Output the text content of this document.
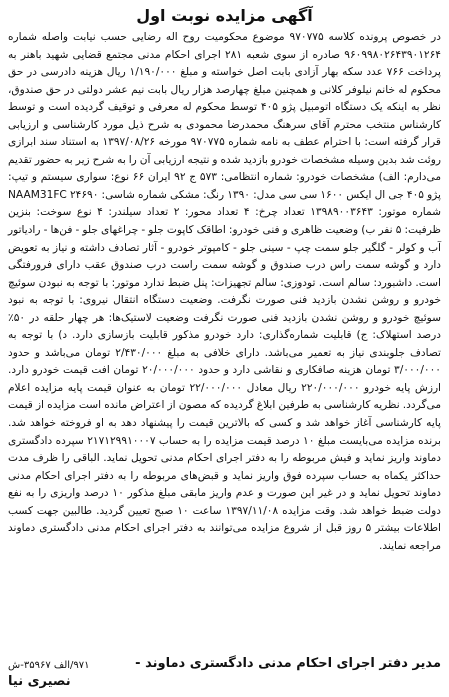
آگهی مزایده نوبت اول

در خصوص پرونده کلاسه ۹۷۰۷۷۵ موضوع محکومیت روح اله رضایی حسب نیابت واصله شماره ۹۶۰۹۹۸۰۲۶۴۳۹۰۱۲۶۴ صادره از سوی شعبه ۲۸۱ اجرای احکام مدنی مجتمع قضایی شهید باهنر به پرداخت ۷۶۶ عدد سکه بهار آزادی بابت اصل خواسته و مبلغ ۱/۱۹۰/۰۰۰ ریال هزینه دادرسی در حق محکوم له خانم نیلوفر کلانی و همچنین مبلغ چهارصد هزار ریال بابت نیم عشر دولتی در حق صندوق، نظر به اینکه یک دستگاه اتومبیل پژو ۴۰۵ توسط محکوم له معرفی و توقیف گردیده است و توسط کارشناس منتخب محترم آقای سرهنگ محمدرضا محمودی به شرح ذیل مورد کارشناسی و ارزیابی قرار گرفته است: با احترام عطف به نامه شماره ۹۷۰۷۷۵ مورخه ۱۳۹۷/۰۸/۲۶ به استناد سند ابرازی روئت شد بدین وسیله مشخصات خودرو بازدید شده و نتیجه ارزیابی آن را به شرح زیر به حضور تقدیم می‌دارم: الف) مشخصات خودرو: شماره انتظامی: ۵۷۳ ج ۹۲ ایران ۶۶ نوع: سواری سیستم و تیپ: پژو ۴۰۵ جی ال ایکس ۱۶۰۰ سی سی مدل: ۱۳۹۰ رنگ: مشکی شماره شاسی: NAAM31FC ۲۴۶۹۰ شماره موتور: ۱۳۹۸۹۰۰۳۶۴۳ تعداد چرخ: ۴ تعداد محور: ۲ تعداد سیلندر: ۴ نوع سوخت: بنزین ظرفیت: ۵ نفر ب) وضعیت ظاهری و فنی خودرو: اطاقک کاپوت جلو - چراغهای جلو - فن‌ها - رادیاتور آب و کولر - گلگیر جلو سمت چپ - سینی جلو - کامپوتر خودرو - آثار تصادف داشته و نیاز به تعویض دارد و گوشه سمت راس درب صندوق و گوشه سمت راست درب صندوق عقب دارای فرورفتگی است. داشبورد: سالم است. تودوزی: سالم تجهیزات: پنل ضبط ندارد موتور: با توجه به نبودن سوئیچ خودرو و روشن نشدن بازدید فنی صورت نگرفت. وضعیت دستگاه انتقال نیروی: با توجه به نبود سوئیچ خودرو و روشن نشدن بازدید فنی صورت نگرفت وضعیت لاستیک‌ها: هر چهار حلقه در ۵۰٪ درصد استهلاک: ج) قابلیت شماره‌گذاری: دارد خودرو مذکور قابلیت بازسازی دارد. د) با توجه به تصادف جلوبندی نیاز به تعمیر می‌باشد. دارای خلافی به مبلغ ۲/۴۳۰/۰۰۰ تومان می‌باشد و حدود ۳/۰۰۰/۰۰۰ تومان هزینه صافکاری و نقاشی دارد و حدود ۲۰/۰۰۰/۰۰۰ تومان افت قیمت خودرو دارد. ارزش پایه خودرو ۲۲۰/۰۰۰/۰۰۰ ریال معادل ۲۲/۰۰۰/۰۰۰ تومان به عنوان قیمت پایه مزایده اعلام می‌گردد. نظریه کارشناسی به طرفین ابلاغ گردیده که مصون از اعتراض مانده است مزایده از قیمت پایه کارشناسی آغاز خواهد شد و کسی که بالاترین قیمت را پیشنهاد دهد به او فروخته خواهد شد. برنده مزایده می‌بایست مبلغ ۱۰ درصد قیمت مزایده را به حساب ۲۱۷۱۲۹۹۱۰۰۰۷ سپرده دادگستری دماوند واریز نماید و فیش مربوطه را به دفتر اجرای احکام مدنی تحویل نماید. الباقی را ظرف مدت حداکثر یکماه به حساب سپرده فوق واریز نماید و قبض‌های مربوطه را به دفتر اجرای احکام مدنی دماوند تحویل نماید و در غیر این صورت و عدم واریز مابقی مبلغ مذکور ۱۰ درصد واریزی را به نفع دولت ضبط خواهد شد. وقت مزایده ۱۳۹۷/۱۱/۰۸ ساعت ۱۰ صبح تعیین گردید. طالبین جهت کسب اطلاعات بیشتر ۵ روز قبل از شروع مزایده می‌توانند به دفتر اجرای احکام مدنی دادگستری دماوند مراجعه نمایند.

مدیر دفتر اجرای احکام مدنی دادگستری دماوند -
۹۷۱/الف ۳۵۹۶۷-ش
نصیری نیا
